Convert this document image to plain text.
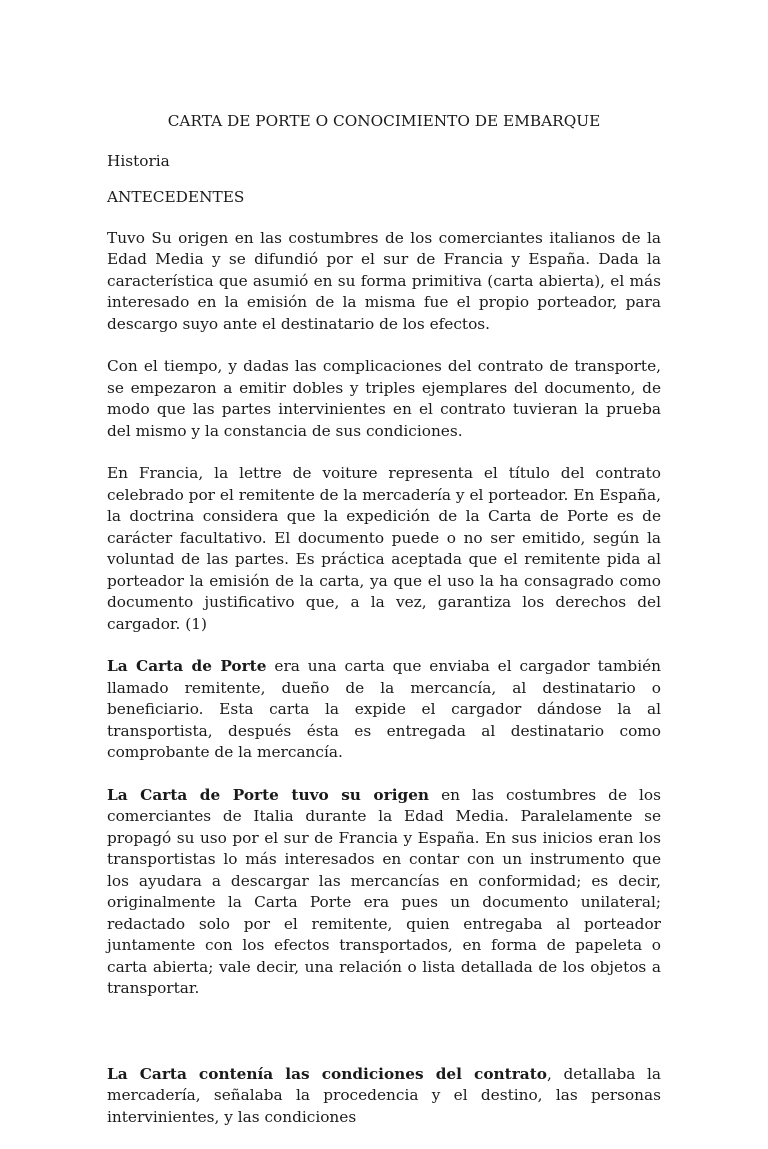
CARTA DE PORTE O CONOCIMIENTO DE EMBARQUE
Historia
ANTECEDENTES

Tuvo Su origen en las costumbres de los comerciantes italianos de la Edad Media y se difundió por el sur de Francia y España. Dada la característica que asumió en su forma primitiva (carta abierta), el más interesado en la emisión de la misma fue el propio porteador, para descargo suyo ante el destinatario de los efectos.

Con el tiempo, y dadas las complicaciones del contrato de transporte, se empezaron a emitir dobles y triples ejemplares del documento, de modo que las partes intervinientes en el contrato tuvieran la prueba del mismo y la constancia de sus condiciones.

En Francia, la lettre de voiture representa el título del contrato celebrado por el remitente de la mercadería y el porteador. En España, la doctrina considera que la expedición de la Carta de Porte es de carácter facultativo. El documento puede o no ser emitido, según la voluntad de las partes. Es práctica aceptada que el remitente pida al porteador la emisión de la carta, ya que el uso la ha consagrado como documento justificativo que, a la vez, garantiza los derechos del cargador. (1)

La Carta de Porte era una carta que enviaba el cargador también llamado remitente, dueño de la mercancía, al destinatario o beneficiario. Esta carta la expide el cargador dándose la al transportista, después ésta es entregada al destinatario como comprobante de la mercancía.

La Carta de Porte tuvo su origen en las costumbres de los comerciantes de Italia durante la Edad Media. Paralelamente se propagó su uso por el sur de Francia y España. En sus inicios eran los transportistas lo más interesados en contar con un instrumento que los ayudara a descargar las mercancías en conformidad; es decir, originalmente la Carta Porte era pues un documento unilateral; redactado solo por el remitente, quien entregaba al porteador juntamente con los efectos transportados, en forma de papeleta o carta abierta; vale decir, una relación o lista detallada de los objetos a transportar.

La Carta contenía las condiciones del contrato, detallaba la mercadería, señalaba la procedencia y el destino, las personas intervinientes, y las condiciones
